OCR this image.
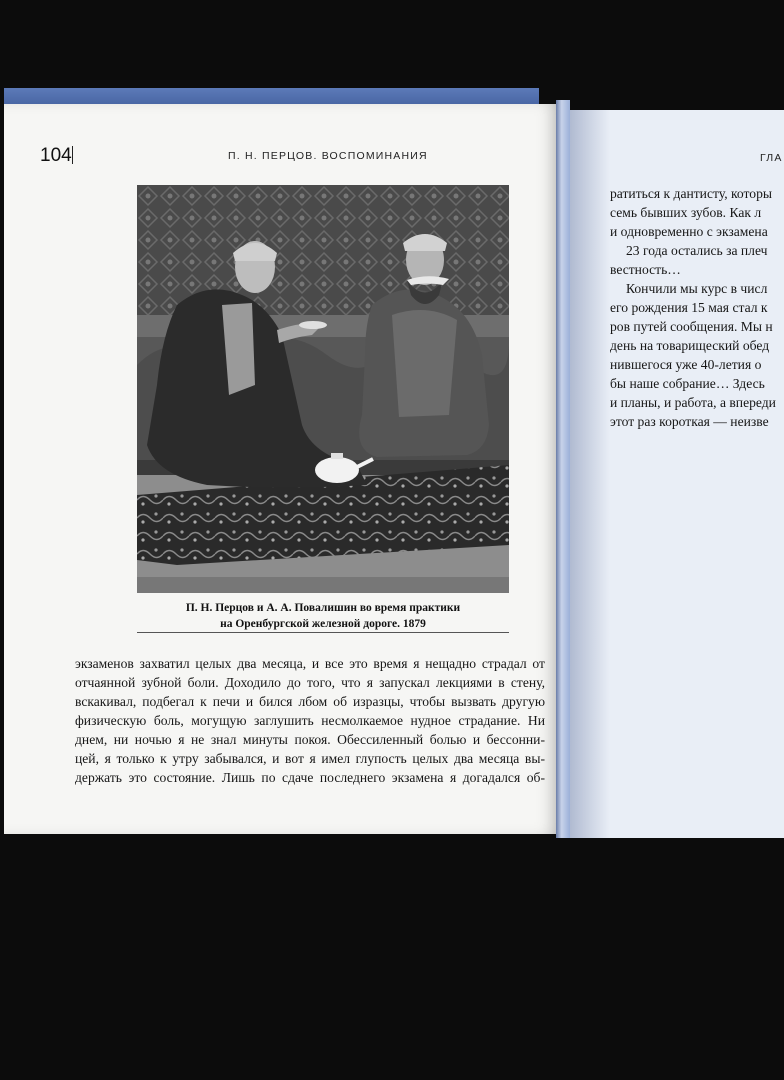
104	П. Н. ПЕРЦОВ. ВОСПОМИНАНИЯ
П. Н. Перцов и А. А. Повалишин во время практики
на Оренбургской железной дороге. 1879
экзаменов захватил целых два месяца, и все это время я нещадно страдал от
отчаянной зубной боли. Доходило до того, что я запускал лекциями в стену,
вскакивал, подбегал к печи и бился лбом об изразцы, чтобы вызвать другую
физическую боль, могущую заглушить несмолкаемое нудное страдание. Ни
днем, ни ночью я не знал минуты покоя. Обессиленный болью и бессонни-
цей, я только к утру забывался, и вот я имел глупость целых два месяца вы-
держать это состояние. Лишь по сдаче последнего экзамена я догадался об-
ГЛА
ратиться к дантисту, которы
семь бывших зубов. Как л
и одновременно с экзамена
23 года остались за плеч
вестность…
Кончили мы курс в числ
его рождения 15 мая стал к
ров путей сообщения. Мы н
день на товарищеский обед
нившегося уже 40-летия о
бы наше собрание… Здесь
и планы, и работа, а впереди
этот раз короткая — неизве
